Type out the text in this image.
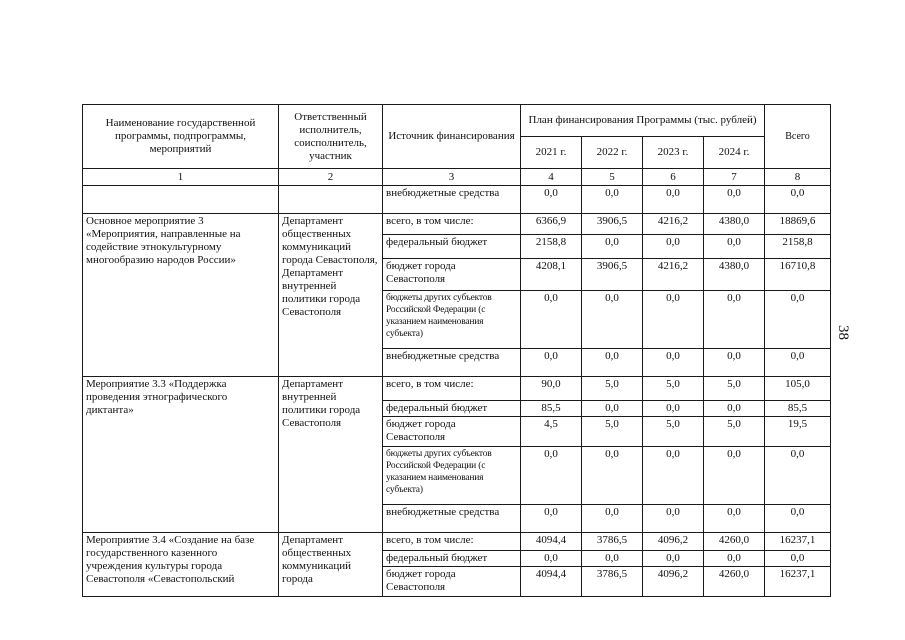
Наименование государственной программы, подпрограммы, мероприятий	Ответственный исполнитель, соисполнитель, участник	Источник финансирования	План финансирования Программы (тыс. рублей)				Всего
			2021 г.	2022 г.	2023 г.	2024 г.	
1	2	3	4	5	6	7	8
		внебюджетные средства	0,0	0,0	0,0	0,0	0,0
Основное мероприятие 3 «Мероприятия, направленные на содействие этнокультурному многообразию народов России»	Департамент общественных коммуникаций города Севастополя, Департамент внутренней политики города Севастополя	всего, в том числе:	6366,9	3906,5	4216,2	4380,0	18869,6
		федеральный бюджет	2158,8	0,0	0,0	0,0	2158,8
		бюджет города Севастополя	4208,1	3906,5	4216,2	4380,0	16710,8
		бюджеты других субъектов Российской Федерации (с указанием наименования субъекта)	0,0	0,0	0,0	0,0	0,0
		внебюджетные средства	0,0	0,0	0,0	0,0	0,0
Мероприятие 3.3 «Поддержка проведения этнографического диктанта»	Департамент внутренней политики города Севастополя	всего, в том числе:	90,0	5,0	5,0	5,0	105,0
		федеральный бюджет	85,5	0,0	0,0	0,0	85,5
		бюджет города Севастополя	4,5	5,0	5,0	5,0	19,5
		бюджеты других субъектов Российской Федерации (с указанием наименования субъекта)	0,0	0,0	0,0	0,0	0,0
		внебюджетные средства	0,0	0,0	0,0	0,0	0,0
Мероприятие 3.4 «Создание на базе государственного казенного учреждения культуры города Севастополя «Севастопольский	Департамент общественных коммуникаций города	всего, в том числе:	4094,4	3786,5	4096,2	4260,0	16237,1
		федеральный бюджет	0,0	0,0	0,0	0,0	0,0
		бюджет города Севастополя	4094,4	3786,5	4096,2	4260,0	16237,1
38
